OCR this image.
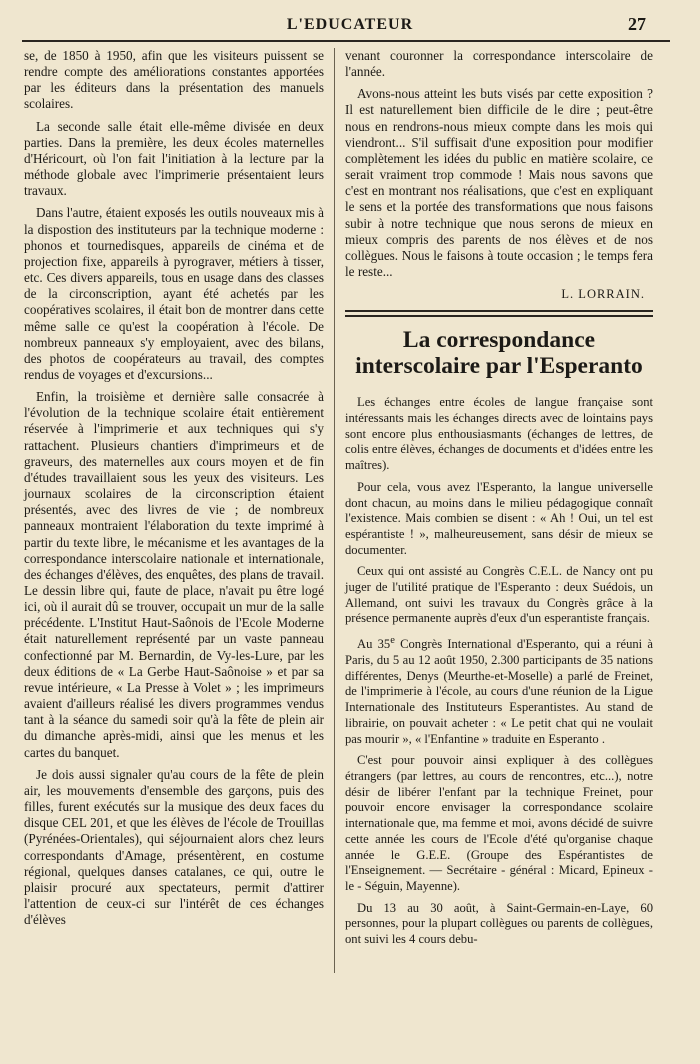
L'EDUCATEUR	27

se, de 1850 à 1950, afin que les visiteurs puissent se rendre compte des améliorations constantes apportées par les éditeurs dans la présentation des manuels scolaires.

La seconde salle était elle-même divisée en deux parties. Dans la première, les deux écoles maternelles d'Héricourt, où l'on fait l'initiation à la lecture par la méthode globale avec l'imprimerie présentaient leurs travaux.

Dans l'autre, étaient exposés les outils nouveaux mis à la dispostion des instituteurs par la technique moderne : phonos et tournedisques, appareils de cinéma et de projection fixe, appareils à pyrograver, métiers à tisser, etc. Ces divers appareils, tous en usage dans des classes de la circonscription, ayant été achetés par les coopératives scolaires, il était bon de montrer dans cette même salle ce qu'est la coopération à l'école. De nombreux panneaux s'y employaient, avec des bilans, des photos de coopérateurs au travail, des comptes rendus de voyages et d'excursions...

Enfin, la troisième et dernière salle consacrée à l'évolution de la technique scolaire était entièrement réservée à l'imprimerie et aux techniques qui s'y rattachent. Plusieurs chantiers d'imprimeurs et de graveurs, des maternelles aux cours moyen et de fin d'études travaillaient sous les yeux des visiteurs. Les journaux scolaires de la circonscription étaient présentés, avec des livres de vie ; de nombreux panneaux montraient l'élaboration du texte imprimé à partir du texte libre, le mécanisme et les avantages de la correspondance interscolaire nationale et internationale, des échanges d'élèves, des enquêtes, des plans de travail. Le dessin libre qui, faute de place, n'avait pu être logé ici, où il aurait dû se trouver, occupait un mur de la salle précédente. L'Institut Haut-Saônois de l'Ecole Moderne était naturellement représenté par un vaste panneau confectionné par M. Bernardin, de Vy-les-Lure, par les deux éditions de « La Gerbe Haut-Saônoise » et par sa revue intérieure, « La Presse à Volet » ; les imprimeurs avaient d'ailleurs réalisé les divers programmes vendus tant à la séance du samedi soir qu'à la fête de plein air du dimanche après-midi, ainsi que les menus et les cartes du banquet.

Je dois aussi signaler qu'au cours de la fête de plein air, les mouvements d'ensemble des garçons, puis des filles, furent exécutés sur la musique des deux faces du disque CEL 201, et que les élèves de l'école de Trouillas (Pyrénées-Orientales), qui séjournaient alors chez leurs correspondants d'Amage, présentèrent, en costume régional, quelques danses catalanes, ce qui, outre le plaisir procuré aux spectateurs, permit d'attirer l'attention de ceux-ci sur l'intérêt de ces échanges d'élèves

venant couronner la correspondance interscolaire de l'année.

Avons-nous atteint les buts visés par cette exposition ? Il est naturellement bien difficile de le dire ; peut-être nous en rendrons-nous mieux compte dans les mois qui viendront... S'il suffisait d'une exposition pour modifier complètement les idées du public en matière scolaire, ce serait vraiment trop commode ! Mais nous savons que c'est en montrant nos réalisations, que c'est en expliquant le sens et la portée des transformations que nous faisons subir à notre technique que nous serons de mieux en mieux compris des parents de nos élèves et de nos collègues. Nous le faisons à toute occasion ; le temps fera le reste...

L. LORRAIN.
La correspondance
interscolaire par l'Esperanto

Les échanges entre écoles de langue française sont intéressants mais les échanges directs avec de lointains pays sont encore plus enthousiasmants (échanges de lettres, de colis entre élèves, échanges de documents et d'idées entre les maîtres).

Pour cela, vous avez l'Esperanto, la langue universelle dont chacun, au moins dans le milieu pédagogique connaît l'existence. Mais combien se disent : « Ah ! Oui, un tel est espérantiste ! », malheureusement, sans désir de mieux se documenter.

Ceux qui ont assisté au Congrès C.E.L. de Nancy ont pu juger de l'utilité pratique de l'Esperanto : deux Suédois, un Allemand, ont suivi les travaux du Congrès grâce à la présence permanente auprès d'eux d'un esperantiste français.

Au 35e Congrès International d'Esperanto, qui a réuni à Paris, du 5 au 12 août 1950, 2.300 participants de 35 nations différentes, Denys (Meurthe-et-Moselle) a parlé de Freinet, de l'imprimerie à l'école, au cours d'une réunion de la Ligue Internationale des Instituteurs Esperantistes. Au stand de librairie, on pouvait acheter : « Le petit chat qui ne voulait pas mourir », « l'Enfantine » traduite en Esperanto .

C'est pour pouvoir ainsi expliquer à des collègues étrangers (par lettres, au cours de rencontres, etc...), notre désir de libérer l'enfant par la technique Freinet, pour pouvoir encore envisager la correspondance scolaire internationale que, ma femme et moi, avons décidé de suivre cette année les cours de l'Ecole d'été qu'organise chaque année le G.E.E. (Groupe des Espérantistes de l'Enseignement. — Secrétaire - général : Micard, Epineux - le - Séguin, Mayenne).

Du 13 au 30 août, à Saint-Germain-en-Laye, 60 personnes, pour la plupart collègues ou parents de collègues, ont suivi les 4 cours debu-
